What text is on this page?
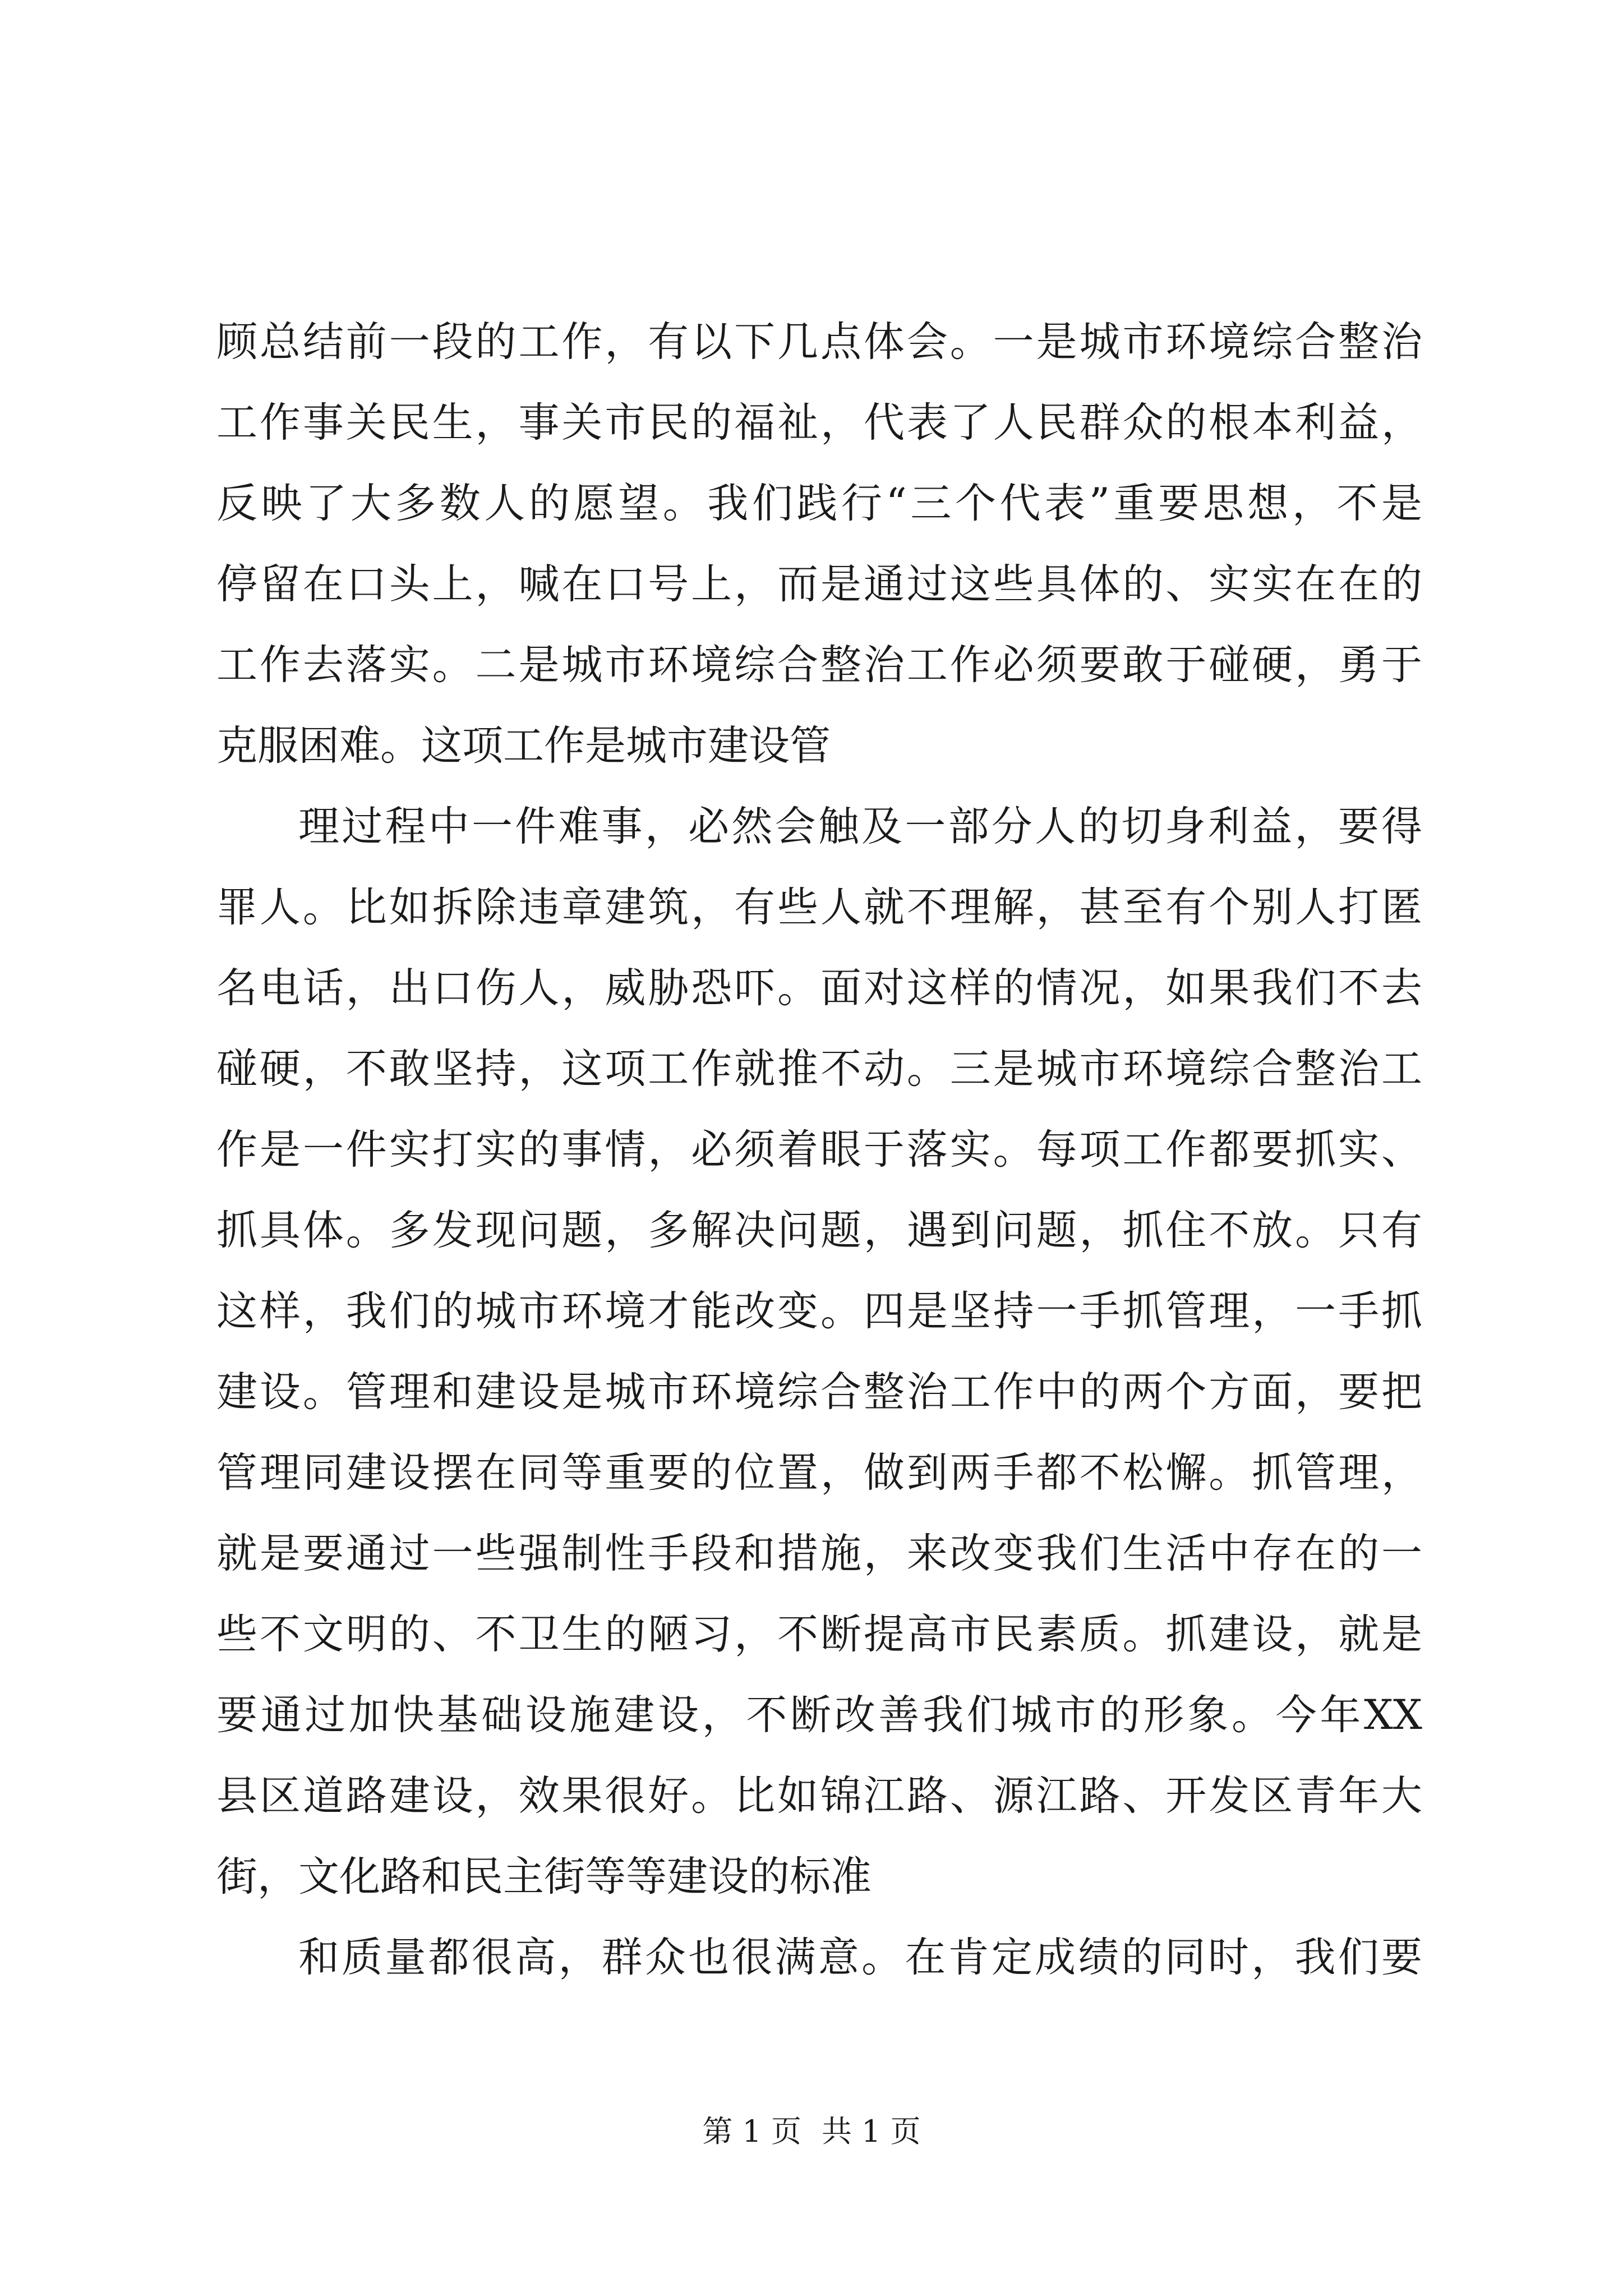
顾总结前一段的工作，有以下几点体会。一是城市环境综合整治
工作事关民生，事关市民的福祉，代表了人民群众的根本利益，
反映了大多数人的愿望。我们践行“三个代表”重要思想，不是
停留在口头上，喊在口号上，而是通过这些具体的、实实在在的
工作去落实。二是城市环境综合整治工作必须要敢于碰硬，勇于
克服困难。这项工作是城市建设管
理过程中一件难事，必然会触及一部分人的切身利益，要得
罪人。比如拆除违章建筑，有些人就不理解，甚至有个别人打匿
名电话，出口伤人，威胁恐吓。面对这样的情况，如果我们不去
碰硬，不敢坚持，这项工作就推不动。三是城市环境综合整治工
作是一件实打实的事情，必须着眼于落实。每项工作都要抓实、
抓具体。多发现问题，多解决问题，遇到问题，抓住不放。只有
这样，我们的城市环境才能改变。四是坚持一手抓管理，一手抓
建设。管理和建设是城市环境综合整治工作中的两个方面，要把
管理同建设摆在同等重要的位置，做到两手都不松懈。抓管理，
就是要通过一些强制性手段和措施，来改变我们生活中存在的一
些不文明的、不卫生的陋习，不断提高市民素质。抓建设，就是
要通过加快基础设施建设，不断改善我们城市的形象。今年XX
县区道路建设，效果很好。比如锦江路、源江路、开发区青年大
街，文化路和民主街等等建设的标准
和质量都很高，群众也很满意。在肯定成绩的同时，我们要
第 1 页 共 1 页
